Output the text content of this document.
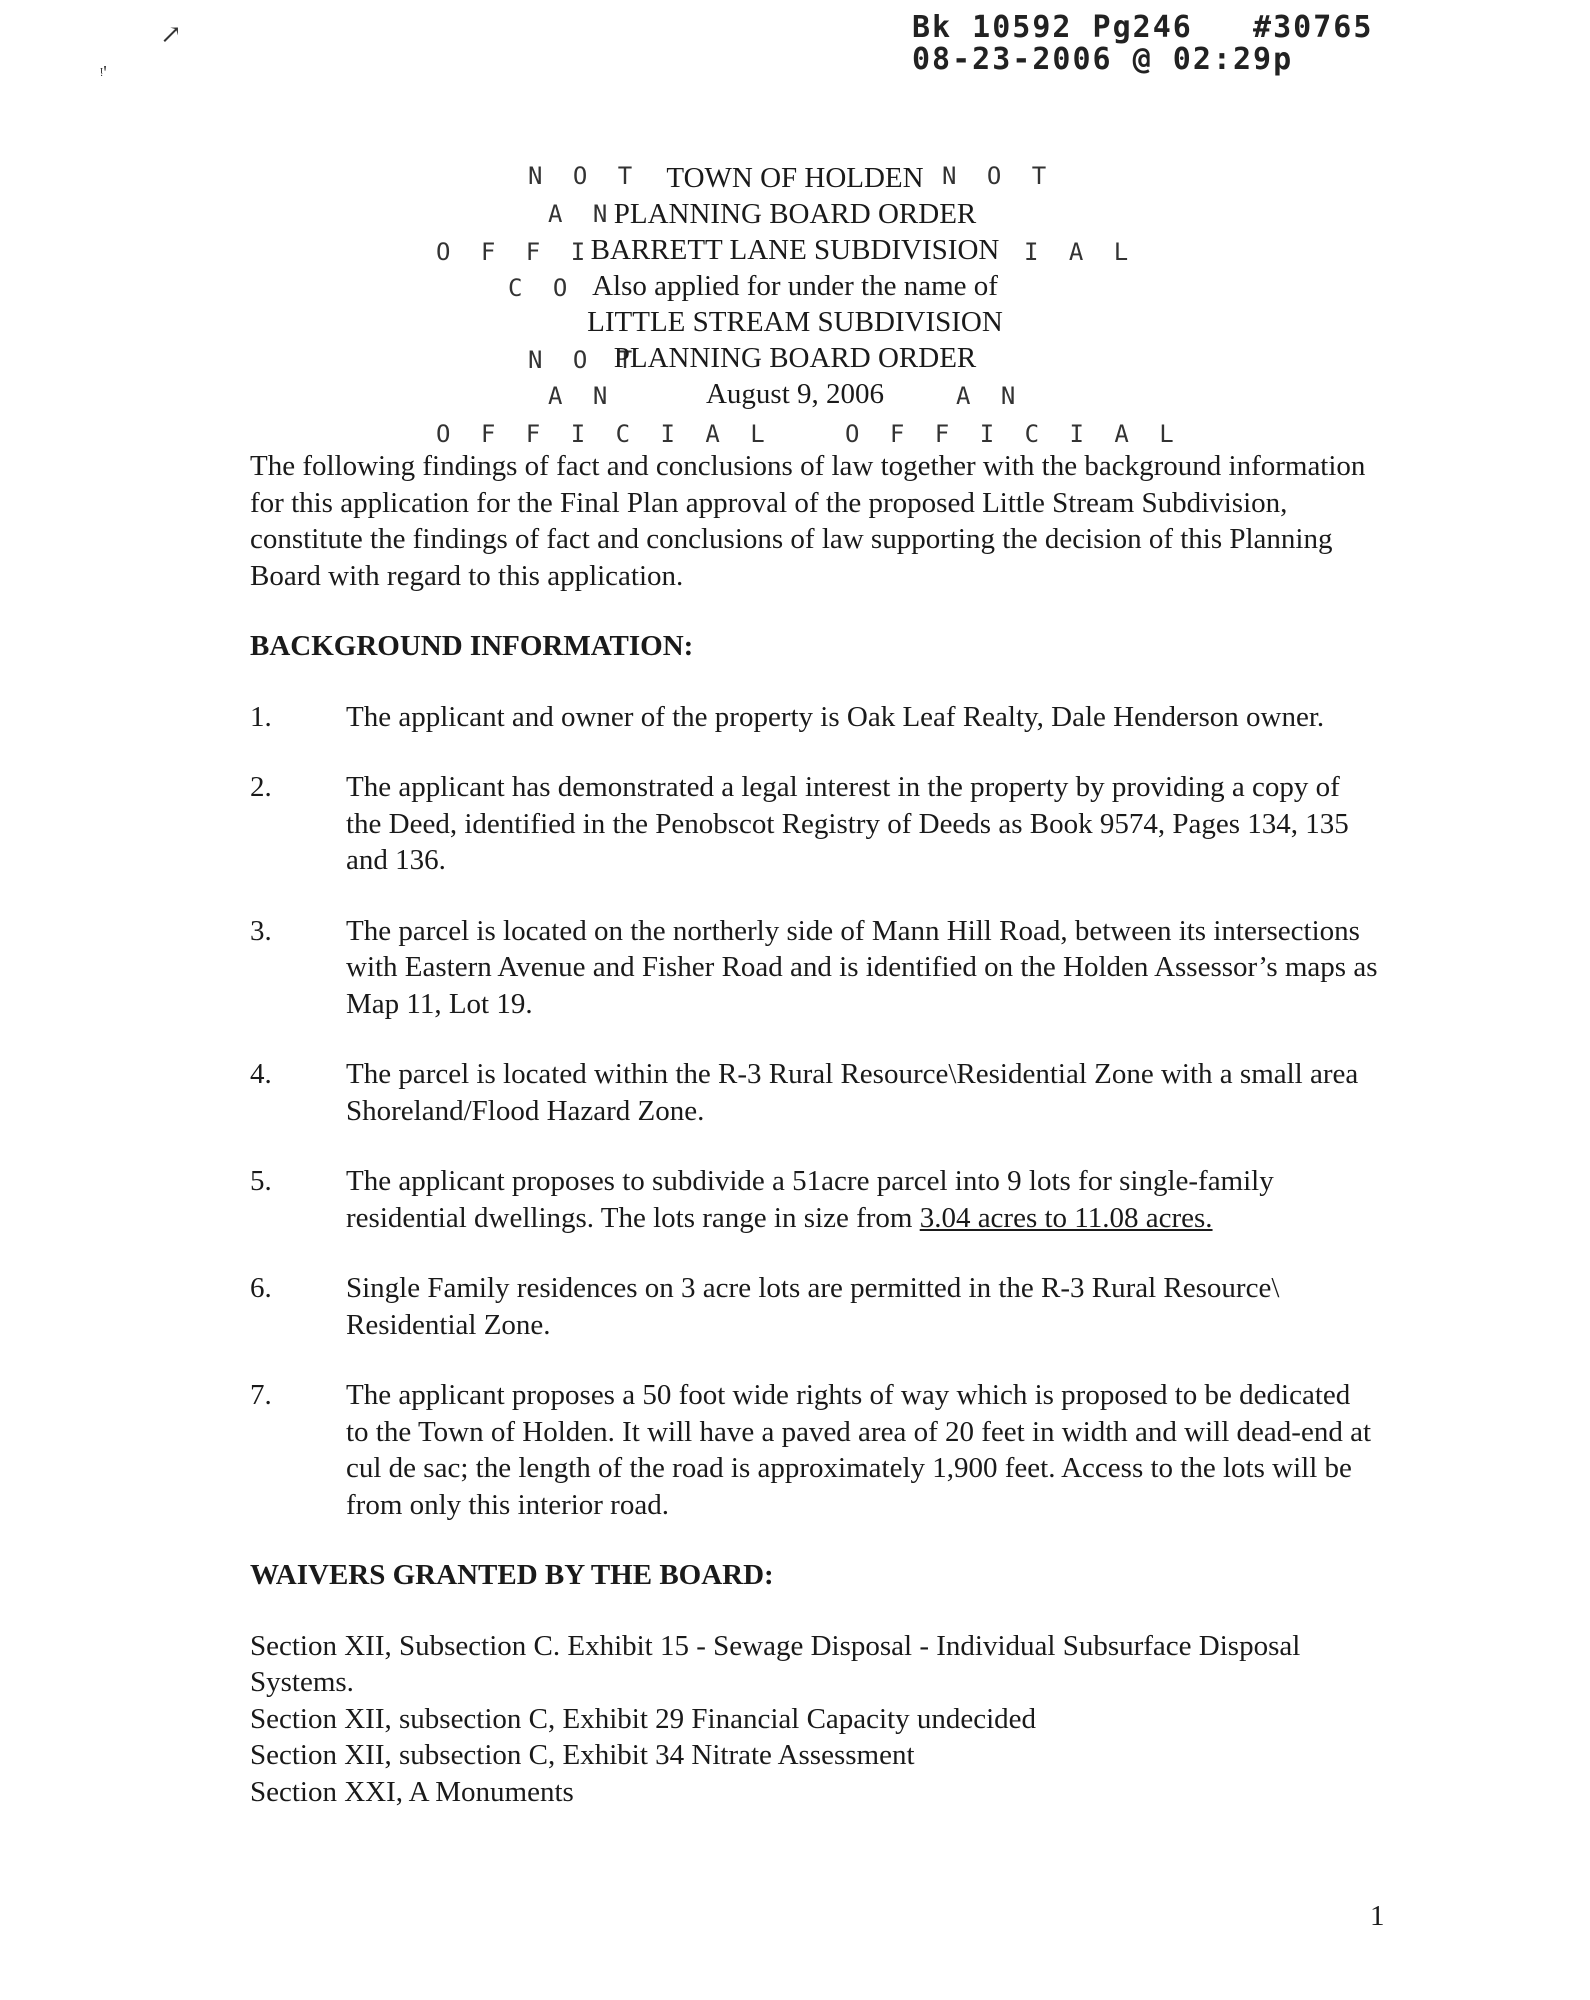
Bk 10592 Pg246   #30765
08-23-2006 @ 02:29p
↗
ᵎ'
N O T	N O T
A N
O F F I	I A L
C O
N O T
A N	A N
O F F I C I A L	O F F I C I A L
TOWN OF HOLDEN
PLANNING BOARD ORDER
BARRETT LANE SUBDIVISION
Also applied for under the name of
LITTLE STREAM SUBDIVISION
PLANNING BOARD ORDER
August 9, 2006

The following findings of fact and conclusions of law together with the background information for this application for the Final Plan approval of the proposed Little Stream Subdivision, constitute the findings of fact and conclusions of law supporting the decision of this Planning Board with regard to this application.

BACKGROUND INFORMATION:
1.	The applicant and owner of the property is Oak Leaf Realty, Dale Henderson owner.
2.	The applicant has demonstrated a legal interest in the property by providing a copy of the Deed, identified in the Penobscot Registry of Deeds as Book 9574, Pages 134, 135 and 136.
3.	The parcel is located on the northerly side of Mann Hill Road, between its intersections with Eastern Avenue and Fisher Road and is identified on the Holden Assessor’s maps as Map 11, Lot 19.
4.	The parcel is located within the R-3 Rural Resource\Residential Zone with a small area Shoreland/Flood Hazard Zone.
5.	The applicant proposes to subdivide a 51acre parcel into 9 lots for single-family residential dwellings. The lots range in size from 3.04 acres to 11.08 acres.
6.	Single Family residences on 3 acre lots are permitted in the R-3 Rural Resource\ Residential Zone.
7.	The applicant proposes a 50 foot wide rights of way which is proposed to be dedicated to the Town of Holden. It will have a paved area of 20 feet in width and will dead-end at cul de sac; the length of the road is approximately 1,900 feet. Access to the lots will be from only this interior road.
WAIVERS GRANTED BY THE BOARD:

Section XII, Subsection C. Exhibit 15 - Sewage Disposal - Individual Subsurface Disposal Systems.

Section XII, subsection C, Exhibit 29 Financial Capacity undecided

Section XII, subsection C, Exhibit 34 Nitrate Assessment

Section XXI, A Monuments

1
